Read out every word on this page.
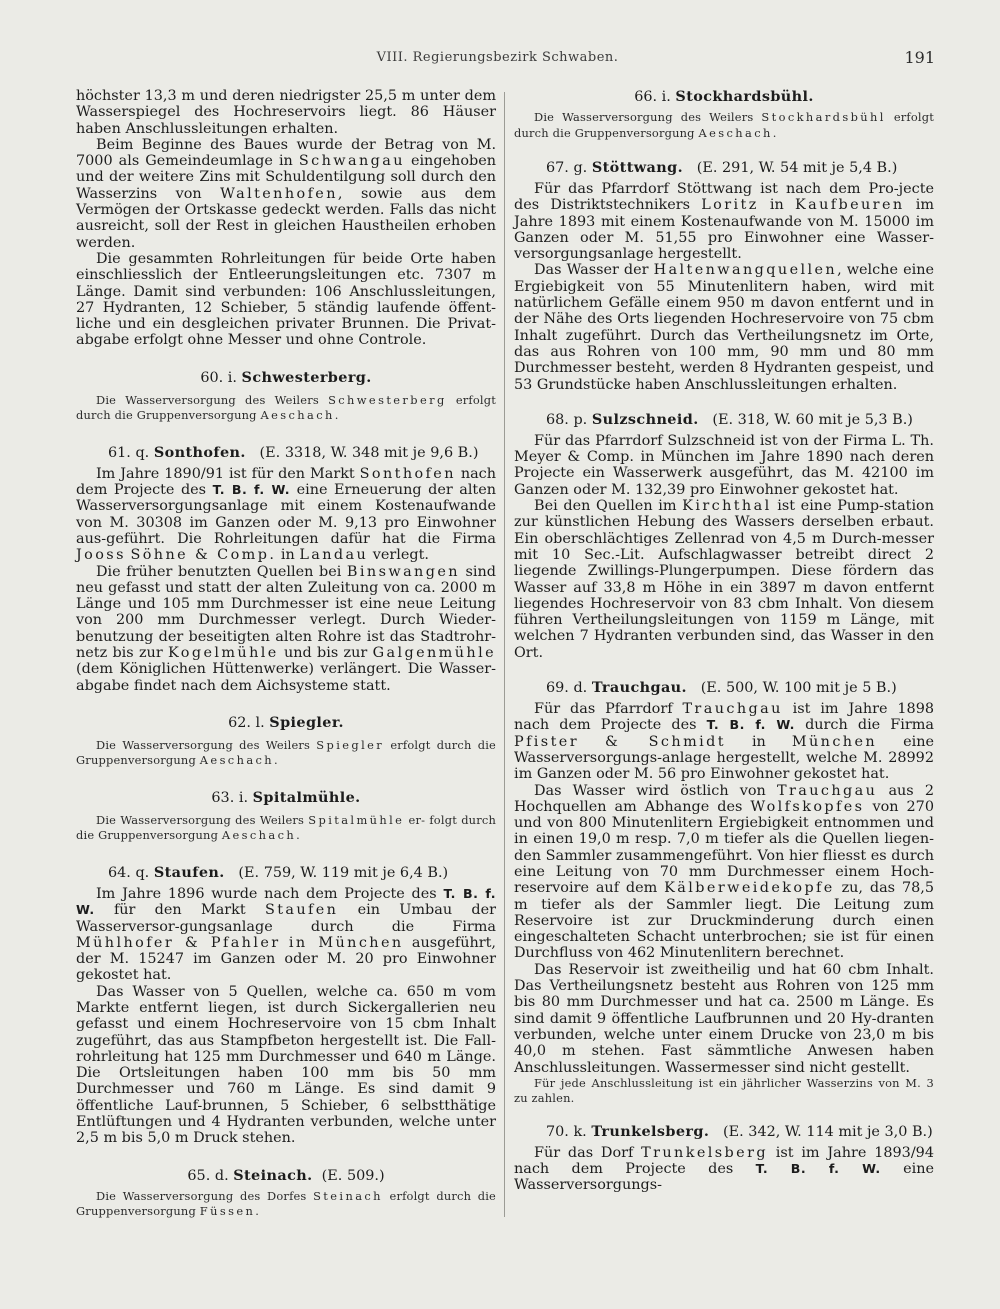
VIII. Regierungsbezirk Schwaben.	191

höchster 13,3 m und deren niedrigster 25,5 m unter dem Wasserspiegel des Hochreservoirs liegt. 86 Häuser haben Anschlussleitungen erhalten.

Beim Beginne des Baues wurde der Betrag von M. 7000 als Gemeindeumlage in Schwangau eingehoben und der weitere Zins mit Schuldentilgung soll durch den Wasserzins von Waltenhofen, sowie aus dem Vermögen der Ortskasse gedeckt werden. Falls das nicht ausreicht, soll der Rest in gleichen Haustheilen erhoben werden.

Die gesammten Rohrleitungen für beide Orte haben einschliesslich der Entleerungsleitungen etc. 7307 m Länge. Damit sind verbunden: 106 Anschlussleitungen, 27 Hydranten, 12 Schieber, 5 ständig laufende öffent-liche und ein desgleichen privater Brunnen. Die Privat-abgabe erfolgt ohne Messer und ohne Controle.

60. i. Schwesterberg.

Die Wasserversorgung des Weilers Schwesterberg erfolgt durch die Gruppenversorgung Aeschach.

61. q. Sonthofen. (E. 3318, W. 348 mit je 9,6 B.)

Im Jahre 1890/91 ist für den Markt Sonthofen nach dem Projecte des T. B. f. W. eine Erneuerung der alten Wasserversorgungsanlage mit einem Kostenaufwande von M. 30308 im Ganzen oder M. 9,13 pro Einwohner aus-geführt. Die Rohrleitungen dafür hat die Firma Jooss Söhne & Comp. in Landau verlegt.

Die früher benutzten Quellen bei Binswangen sind neu gefasst und statt der alten Zuleitung von ca. 2000 m Länge und 105 mm Durchmesser ist eine neue Leitung von 200 mm Durchmesser verlegt. Durch Wieder-benutzung der beseitigten alten Rohre ist das Stadtrohr-netz bis zur Kogelmühle und bis zur Galgenmühle (dem Königlichen Hüttenwerke) verlängert. Die Wasser-abgabe findet nach dem Aichsysteme statt.

62. l. Spiegler.

Die Wasserversorgung des Weilers Spiegler erfolgt durch die Gruppenversorgung Aeschach.

63. i. Spitalmühle.

Die Wasserversorgung des Weilers Spitalmühle er- folgt durch die Gruppenversorgung Aeschach.

64. q. Staufen. (E. 759, W. 119 mit je 6,4 B.)

Im Jahre 1896 wurde nach dem Projecte des T. B. f. W. für den Markt Staufen ein Umbau der Wasserversor-gungsanlage durch die Firma Mühlhofer & Pfahler in München ausgeführt, der M. 15247 im Ganzen oder M. 20 pro Einwohner gekostet hat.

Das Wasser von 5 Quellen, welche ca. 650 m vom Markte entfernt liegen, ist durch Sickergallerien neu gefasst und einem Hochreservoire von 15 cbm Inhalt zugeführt, das aus Stampfbeton hergestellt ist. Die Fall-rohrleitung hat 125 mm Durchmesser und 640 m Länge. Die Ortsleitungen haben 100 mm bis 50 mm Durchmesser und 760 m Länge. Es sind damit 9 öffentliche Lauf-brunnen, 5 Schieber, 6 selbstthätige Entlüftungen und 4 Hydranten verbunden, welche unter 2,5 m bis 5,0 m Druck stehen.

65. d. Steinach. (E. 509.)

Die Wasserversorgung des Dorfes Steinach erfolgt durch die Gruppenversorgung Füssen.

66. i. Stockhardsbühl.

Die Wasserversorgung des Weilers Stockhardsbühl erfolgt durch die Gruppenversorgung Aeschach.

67. g. Stöttwang. (E. 291, W. 54 mit je 5,4 B.)

Für das Pfarrdorf Stöttwang ist nach dem Pro-jecte des Distriktstechnikers Loritz in Kaufbeuren im Jahre 1893 mit einem Kostenaufwande von M. 15000 im Ganzen oder M. 51,55 pro Einwohner eine Wasser-versorgungsanlage hergestellt.

Das Wasser der Haltenwangquellen, welche eine Ergiebigkeit von 55 Minutenlitern haben, wird mit natürlichem Gefälle einem 950 m davon entfernt und in der Nähe des Orts liegenden Hochreservoire von 75 cbm Inhalt zugeführt. Durch das Vertheilungsnetz im Orte, das aus Rohren von 100 mm, 90 mm und 80 mm Durchmesser besteht, werden 8 Hydranten gespeist, und 53 Grundstücke haben Anschlussleitungen erhalten.

68. p. Sulzschneid. (E. 318, W. 60 mit je 5,3 B.)

Für das Pfarrdorf Sulzschneid ist von der Firma L. Th. Meyer & Comp. in München im Jahre 1890 nach deren Projecte ein Wasserwerk ausgeführt, das M. 42100 im Ganzen oder M. 132,39 pro Einwohner gekostet hat.

Bei den Quellen im Kirchthal ist eine Pump-station zur künstlichen Hebung des Wassers derselben erbaut. Ein oberschlächtiges Zellenrad von 4,5 m Durch-messer mit 10 Sec.-Lit. Aufschlagwasser betreibt direct 2 liegende Zwillings-Plungerpumpen. Diese fördern das Wasser auf 33,8 m Höhe in ein 3897 m davon entfernt liegendes Hochreservoir von 83 cbm Inhalt. Von diesem führen Vertheilungsleitungen von 1159 m Länge, mit welchen 7 Hydranten verbunden sind, das Wasser in den Ort.

69. d. Trauchgau. (E. 500, W. 100 mit je 5 B.)

Für das Pfarrdorf Trauchgau ist im Jahre 1898 nach dem Projecte des T. B. f. W. durch die Firma Pfister & Schmidt in München eine Wasserversorgungs-anlage hergestellt, welche M. 28992 im Ganzen oder M. 56 pro Einwohner gekostet hat.

Das Wasser wird östlich von Trauchgau aus 2 Hochquellen am Abhange des Wolfskopfes von 270 und von 800 Minutenlitern Ergiebigkeit entnommen und in einen 19,0 m resp. 7,0 m tiefer als die Quellen liegen-den Sammler zusammengeführt. Von hier fliesst es durch eine Leitung von 70 mm Durchmesser einem Hoch-reservoire auf dem Kälberweidekopfe zu, das 78,5 m tiefer als der Sammler liegt. Die Leitung zum Reservoire ist zur Druckminderung durch einen eingeschalteten Schacht unterbrochen; sie ist für einen Durchfluss von 462 Minutenlitern berechnet.

Das Reservoir ist zweitheilig und hat 60 cbm Inhalt. Das Vertheilungsnetz besteht aus Rohren von 125 mm bis 80 mm Durchmesser und hat ca. 2500 m Länge. Es sind damit 9 öffentliche Laufbrunnen und 20 Hy-dranten verbunden, welche unter einem Drucke von 23,0 m bis 40,0 m stehen. Fast sämmtliche Anwesen haben Anschlussleitungen. Wassermesser sind nicht gestellt.

Für jede Anschlussleitung ist ein jährlicher Wasserzins von M. 3 zu zahlen.

70. k. Trunkelsberg. (E. 342, W. 114 mit je 3,0 B.)

Für das Dorf Trunkelsberg ist im Jahre 1893/94 nach dem Projecte des T. B. f. W. eine Wasserversorgungs-
